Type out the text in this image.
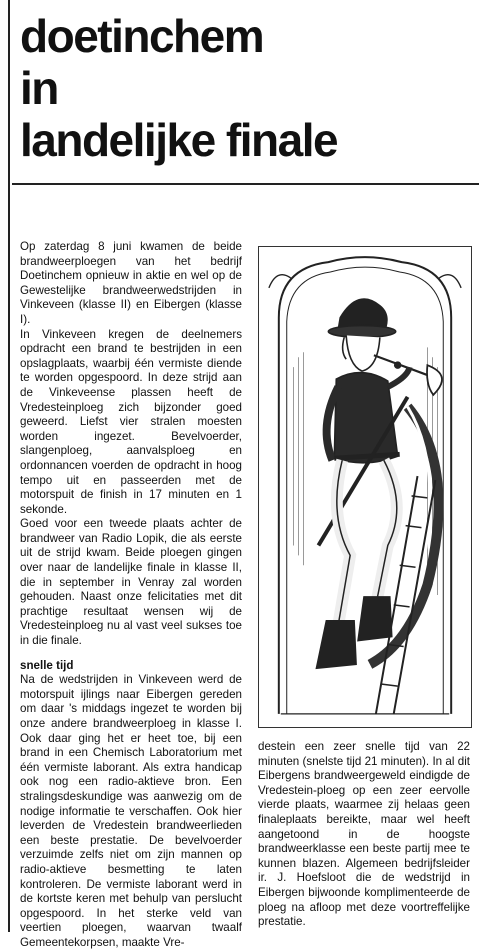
doetinchem
in
landelijke finale

Op zaterdag 8 juni kwamen de beide brandweerploegen van het bedrijf Doetinchem opnieuw in aktie en wel op de Gewestelijke brandweerwedstrijden in Vinkeveen (klasse II) en Eibergen (klasse I).

In Vinkeveen kregen de deelnemers opdracht een brand te bestrijden in een opslagplaats, waarbij één vermiste diende te worden opgespoord. In deze strijd aan de Vinkeveense plassen heeft de Vredesteinploeg zich bijzonder goed geweerd. Liefst vier stralen moesten worden ingezet. Bevelvoerder, slangenploeg, aanvalsploeg en ordonnancen voerden de opdracht in hoog tempo uit en passeerden met de motorspuit de finish in 17 minuten en 1 sekonde.

Goed voor een tweede plaats achter de brandweer van Radio Lopik, die als eerste uit de strijd kwam. Beide ploegen gingen over naar de landelijke finale in klasse II, die in september in Venray zal worden gehouden. Naast onze felicitaties met dit prachtige resultaat wensen wij de Vredesteinploeg nu al vast veel sukses toe in die finale.

snelle tijd

Na de wedstrijden in Vinkeveen werd de motorspuit ijlings naar Eibergen gereden om daar 's middags ingezet te worden bij onze andere brandweerploeg in klasse I. Ook daar ging het er heet toe, bij een brand in een Chemisch Laboratorium met één vermiste laborant. Als extra handicap ook nog een radio-aktieve bron. Een stralingsdeskundige was aanwezig om de nodige informatie te verschaffen. Ook hier leverden de Vredestein brandweerlieden een beste prestatie. De bevelvoerder verzuimde zelfs niet om zijn mannen op radio-aktieve besmetting te laten kontroleren. De vermiste laborant werd in de kortste keren met behulp van perslucht opgespoord. In het sterke veld van veertien ploegen, waarvan twaalf Gemeentekorpsen, maakte Vre-

destein een zeer snelle tijd van 22 minuten (snelste tijd 21 minuten). In al dit Eibergens brandweergeweld eindigde de Vredestein-ploeg op een zeer eervolle vierde plaats, waarmee zij helaas geen finaleplaats bereikte, maar wel heeft aangetoond in de hoogste brandweerklasse een beste partij mee te kunnen blazen. Algemeen bedrijfsleider ir. J. Hoefsloot die de wedstrijd in Eibergen bijwoonde komplimenteerde de ploeg na afloop met deze voortreffelijke prestatie.
